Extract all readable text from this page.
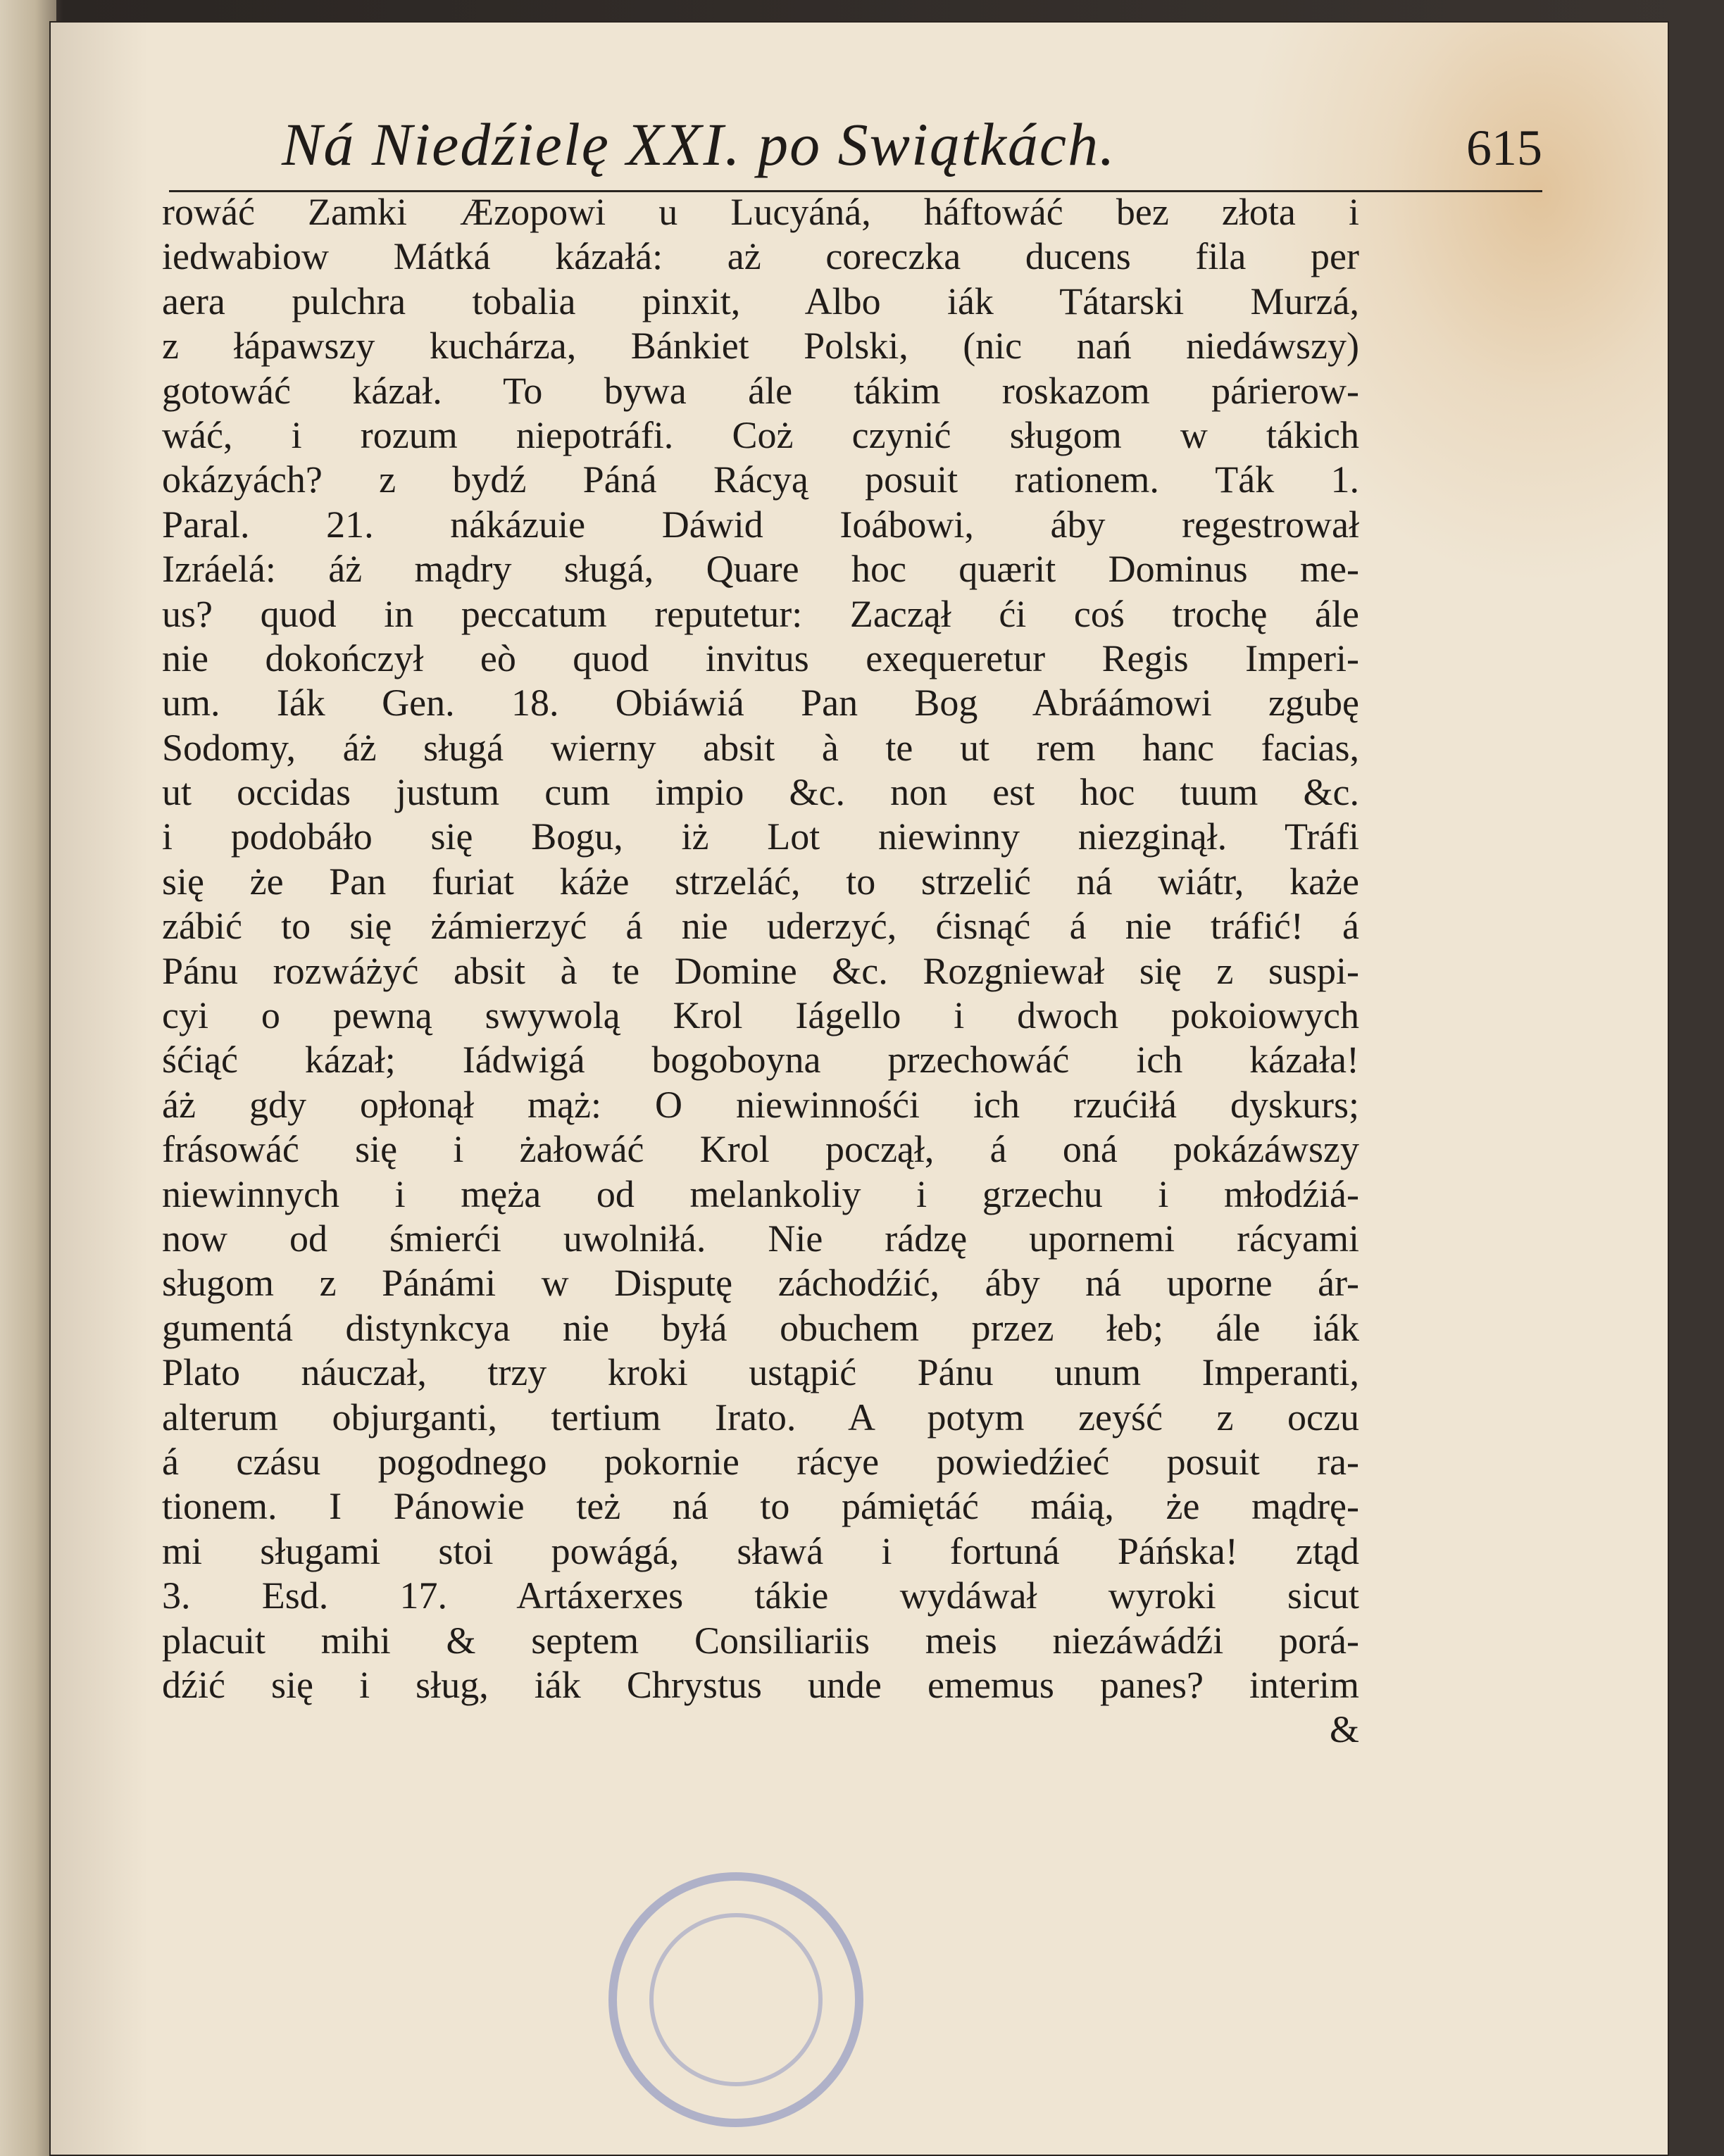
Ná Niedźielę XXI. po Swiątkách.	615
rowáć Zamki Æzopowi u Lucyáná, háftowáć bez złota i
iedwabiow Mátká kázałá: aż coreczka ducens fila per
aera pulchra tobalia pinxit, Albo iák Tátarski Murzá,
z łápawszy kuchárza, Bánkiet Polski, (nic nań niedáwszy)
gotowáć kázał. To bywa ále tákim roskazom párierow-
wáć, i rozum niepotráfi. Coż czynić sługom w tákich
okázyách? z bydź Páná Rácyą posuit rationem. Ták 1.
Paral. 21. nákázuie Dáwid Ioábowi, áby regestrował
Izráelá: áż mądry sługá, Quare hoc quærit Dominus me-
us? quod in peccatum reputetur: Zaczął ći coś trochę ále
nie dokończył eò quod invitus exequeretur Regis Imperi-
um. Iák Gen. 18. Obiáwiá Pan Bog Abráámowi zgubę
Sodomy, áż sługá wierny absit à te ut rem hanc facias,
ut occidas justum cum impio &c. non est hoc tuum &c.
i podobáło się Bogu, iż Lot niewinny niezginął. Tráfi
się że Pan furiat káże strzeláć, to strzelić ná wiátr, każe
zábić to się żámierzyć á nie uderzyć, ćisnąć á nie tráfić! á
Pánu rozwáżyć absit à te Domine &c. Rozgniewał się z suspi-
cyi o pewną swywolą Krol Iágello i dwoch pokoiowych
śćiąć kázał; Iádwigá bogoboyna przechowáć ich kázała!
áż gdy opłonął mąż: O niewinnośći ich rzućiłá dyskurs;
frásowáć się i żałowáć Krol począł, á oná pokázáwszy
niewinnych i męża od melankoliy i grzechu i młodźiá-
now od śmierći uwolniłá. Nie rádzę upornemi rácyami
sługom z Pánámi w Disputę záchodźić, áby ná uporne ár-
gumentá distynkcya nie byłá obuchem przez łeb; ále iák
Plato náuczał, trzy kroki ustąpić Pánu unum Imperanti,
alterum objurganti, tertium Irato. A potym zeyść z oczu
á czásu pogodnego pokornie rácye powiedźieć posuit ra-
tionem. I Pánowie też ná to pámiętáć máią, że mądrę-
mi sługami stoi powágá, sławá i fortuná Páńska! ztąd
3. Esd. 17. Artáxerxes tákie wydáwał wyroki sicut
placuit mihi & septem Consiliariis meis niezáwádźi porá-
dźić się i sług, iák Chrystus unde ememus panes? interim
&
